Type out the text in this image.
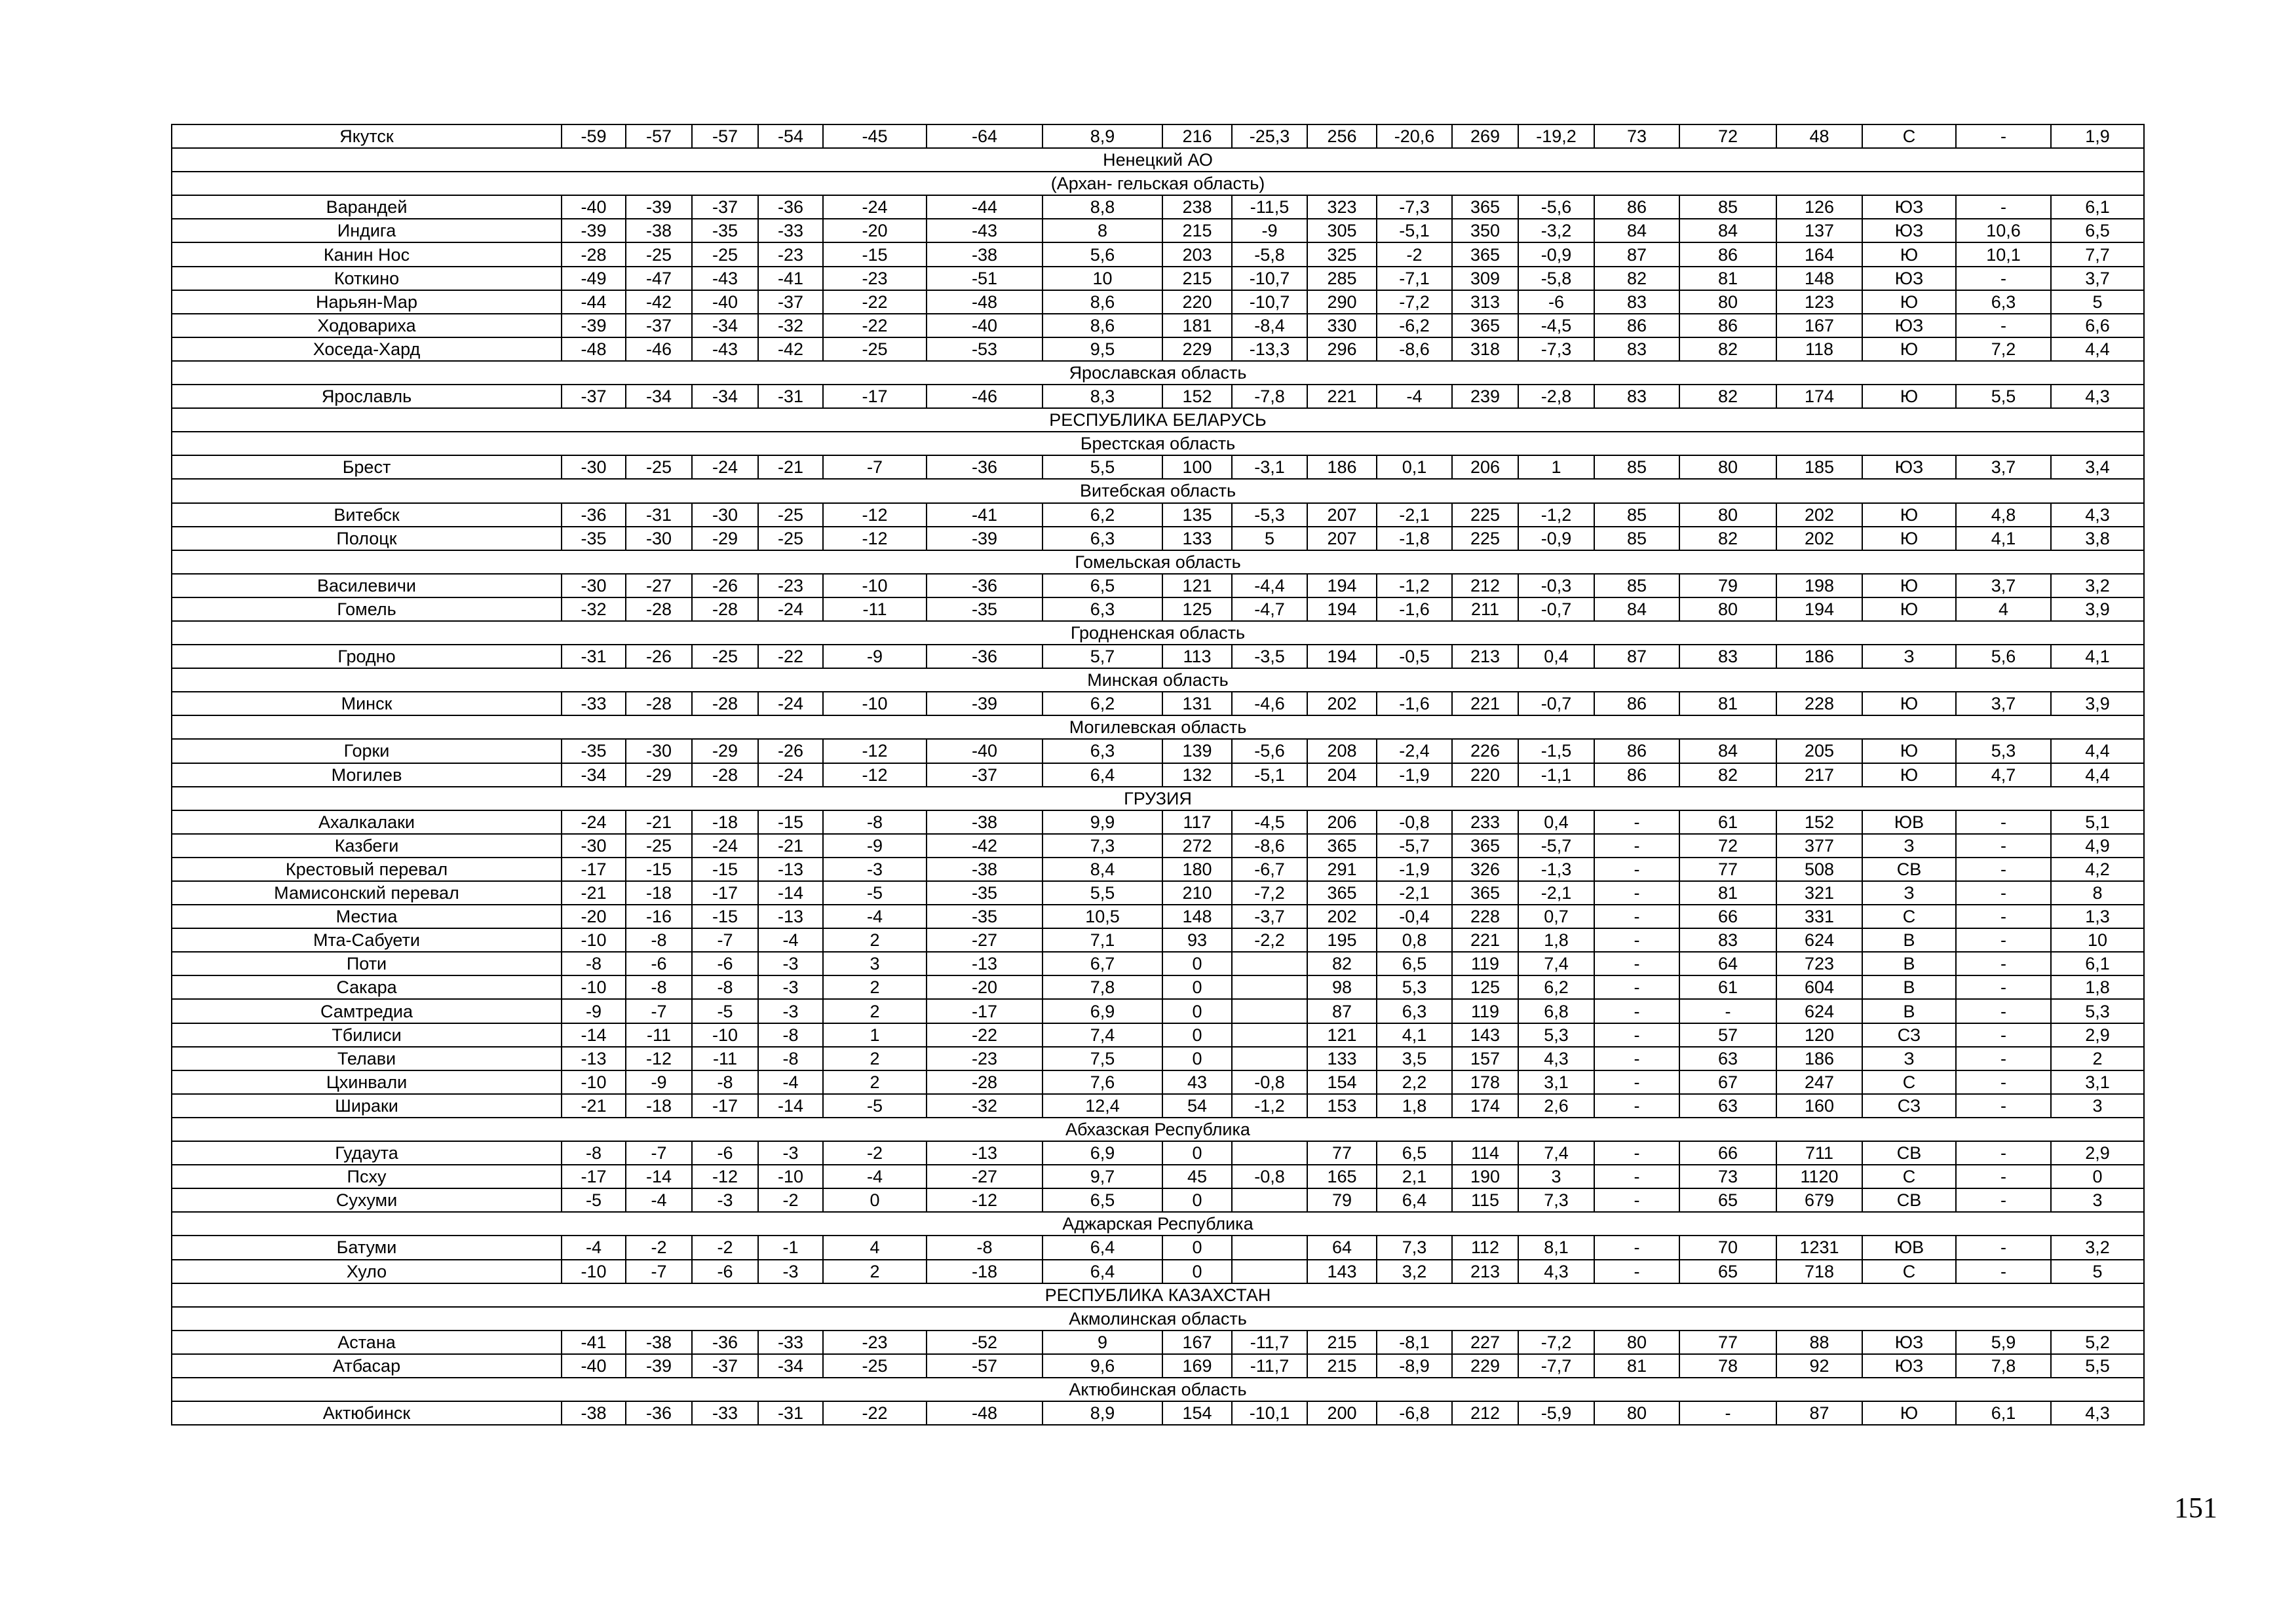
Якутск	-59	-57	-57	-54	-45	-64	8,9	216	-25,3	256	-20,6	269	-19,2	73	72	48	С	-	1,9
Ненецкий АО																			
(Архан- гельская область)																			
Варандей	-40	-39	-37	-36	-24	-44	8,8	238	-11,5	323	-7,3	365	-5,6	86	85	126	ЮЗ	-	6,1
Индига	-39	-38	-35	-33	-20	-43	8	215	-9	305	-5,1	350	-3,2	84	84	137	ЮЗ	10,6	6,5
Канин Нос	-28	-25	-25	-23	-15	-38	5,6	203	-5,8	325	-2	365	-0,9	87	86	164	Ю	10,1	7,7
Коткино	-49	-47	-43	-41	-23	-51	10	215	-10,7	285	-7,1	309	-5,8	82	81	148	ЮЗ	-	3,7
Нарьян-Мар	-44	-42	-40	-37	-22	-48	8,6	220	-10,7	290	-7,2	313	-6	83	80	123	Ю	6,3	5
Ходовариха	-39	-37	-34	-32	-22	-40	8,6	181	-8,4	330	-6,2	365	-4,5	86	86	167	ЮЗ	-	6,6
Хоседа-Хард	-48	-46	-43	-42	-25	-53	9,5	229	-13,3	296	-8,6	318	-7,3	83	82	118	Ю	7,2	4,4
Ярославская область																			
Ярославль	-37	-34	-34	-31	-17	-46	8,3	152	-7,8	221	-4	239	-2,8	83	82	174	Ю	5,5	4,3
РЕСПУБЛИКА БЕЛАРУСЬ																			
Брестская область																			
Брест	-30	-25	-24	-21	-7	-36	5,5	100	-3,1	186	0,1	206	1	85	80	185	ЮЗ	3,7	3,4
Витебская область																			
Витебск	-36	-31	-30	-25	-12	-41	6,2	135	-5,3	207	-2,1	225	-1,2	85	80	202	Ю	4,8	4,3
Полоцк	-35	-30	-29	-25	-12	-39	6,3	133	5	207	-1,8	225	-0,9	85	82	202	Ю	4,1	3,8
Гомельская область																			
Василевичи	-30	-27	-26	-23	-10	-36	6,5	121	-4,4	194	-1,2	212	-0,3	85	79	198	Ю	3,7	3,2
Гомель	-32	-28	-28	-24	-11	-35	6,3	125	-4,7	194	-1,6	211	-0,7	84	80	194	Ю	4	3,9
Гродненская область																			
Гродно	-31	-26	-25	-22	-9	-36	5,7	113	-3,5	194	-0,5	213	0,4	87	83	186	З	5,6	4,1
Минская область																			
Минск	-33	-28	-28	-24	-10	-39	6,2	131	-4,6	202	-1,6	221	-0,7	86	81	228	Ю	3,7	3,9
Могилевская область																			
Горки	-35	-30	-29	-26	-12	-40	6,3	139	-5,6	208	-2,4	226	-1,5	86	84	205	Ю	5,3	4,4
Могилев	-34	-29	-28	-24	-12	-37	6,4	132	-5,1	204	-1,9	220	-1,1	86	82	217	Ю	4,7	4,4
ГРУЗИЯ																			
Ахалкалаки	-24	-21	-18	-15	-8	-38	9,9	117	-4,5	206	-0,8	233	0,4	-	61	152	ЮВ	-	5,1
Казбеги	-30	-25	-24	-21	-9	-42	7,3	272	-8,6	365	-5,7	365	-5,7	-	72	377	З	-	4,9
Крестовый перевал	-17	-15	-15	-13	-3	-38	8,4	180	-6,7	291	-1,9	326	-1,3	-	77	508	СВ	-	4,2
Мамисонский перевал	-21	-18	-17	-14	-5	-35	5,5	210	-7,2	365	-2,1	365	-2,1	-	81	321	З	-	8
Местиа	-20	-16	-15	-13	-4	-35	10,5	148	-3,7	202	-0,4	228	0,7	-	66	331	С	-	1,3
Мта-Сабуети	-10	-8	-7	-4	2	-27	7,1	93	-2,2	195	0,8	221	1,8	-	83	624	В	-	10
Поти	-8	-6	-6	-3	3	-13	6,7	0		82	6,5	119	7,4	-	64	723	В	-	6,1
Сакара	-10	-8	-8	-3	2	-20	7,8	0		98	5,3	125	6,2	-	61	604	В	-	1,8
Самтредиа	-9	-7	-5	-3	2	-17	6,9	0		87	6,3	119	6,8	-	-	624	В	-	5,3
Тбилиси	-14	-11	-10	-8	1	-22	7,4	0		121	4,1	143	5,3	-	57	120	СЗ	-	2,9
Телави	-13	-12	-11	-8	2	-23	7,5	0		133	3,5	157	4,3	-	63	186	З	-	2
Цхинвали	-10	-9	-8	-4	2	-28	7,6	43	-0,8	154	2,2	178	3,1	-	67	247	С	-	3,1
Шираки	-21	-18	-17	-14	-5	-32	12,4	54	-1,2	153	1,8	174	2,6	-	63	160	СЗ	-	3
Абхазская Республика																			
Гудаута	-8	-7	-6	-3	-2	-13	6,9	0		77	6,5	114	7,4	-	66	711	СВ	-	2,9
Псху	-17	-14	-12	-10	-4	-27	9,7	45	-0,8	165	2,1	190	3	-	73	1120	С	-	0
Сухуми	-5	-4	-3	-2	0	-12	6,5	0		79	6,4	115	7,3	-	65	679	СВ	-	3
Аджарская Республика																			
Батуми	-4	-2	-2	-1	4	-8	6,4	0		64	7,3	112	8,1	-	70	1231	ЮВ	-	3,2
Хуло	-10	-7	-6	-3	2	-18	6,4	0		143	3,2	213	4,3	-	65	718	С	-	5
РЕСПУБЛИКА КАЗАХСТАН																			
Акмолинская область																			
Астана	-41	-38	-36	-33	-23	-52	9	167	-11,7	215	-8,1	227	-7,2	80	77	88	ЮЗ	5,9	5,2
Атбасар	-40	-39	-37	-34	-25	-57	9,6	169	-11,7	215	-8,9	229	-7,7	81	78	92	ЮЗ	7,8	5,5
Актюбинская область																			
Актюбинск	-38	-36	-33	-31	-22	-48	8,9	154	-10,1	200	-6,8	212	-5,9	80	-	87	Ю	6,1	4,3
151
